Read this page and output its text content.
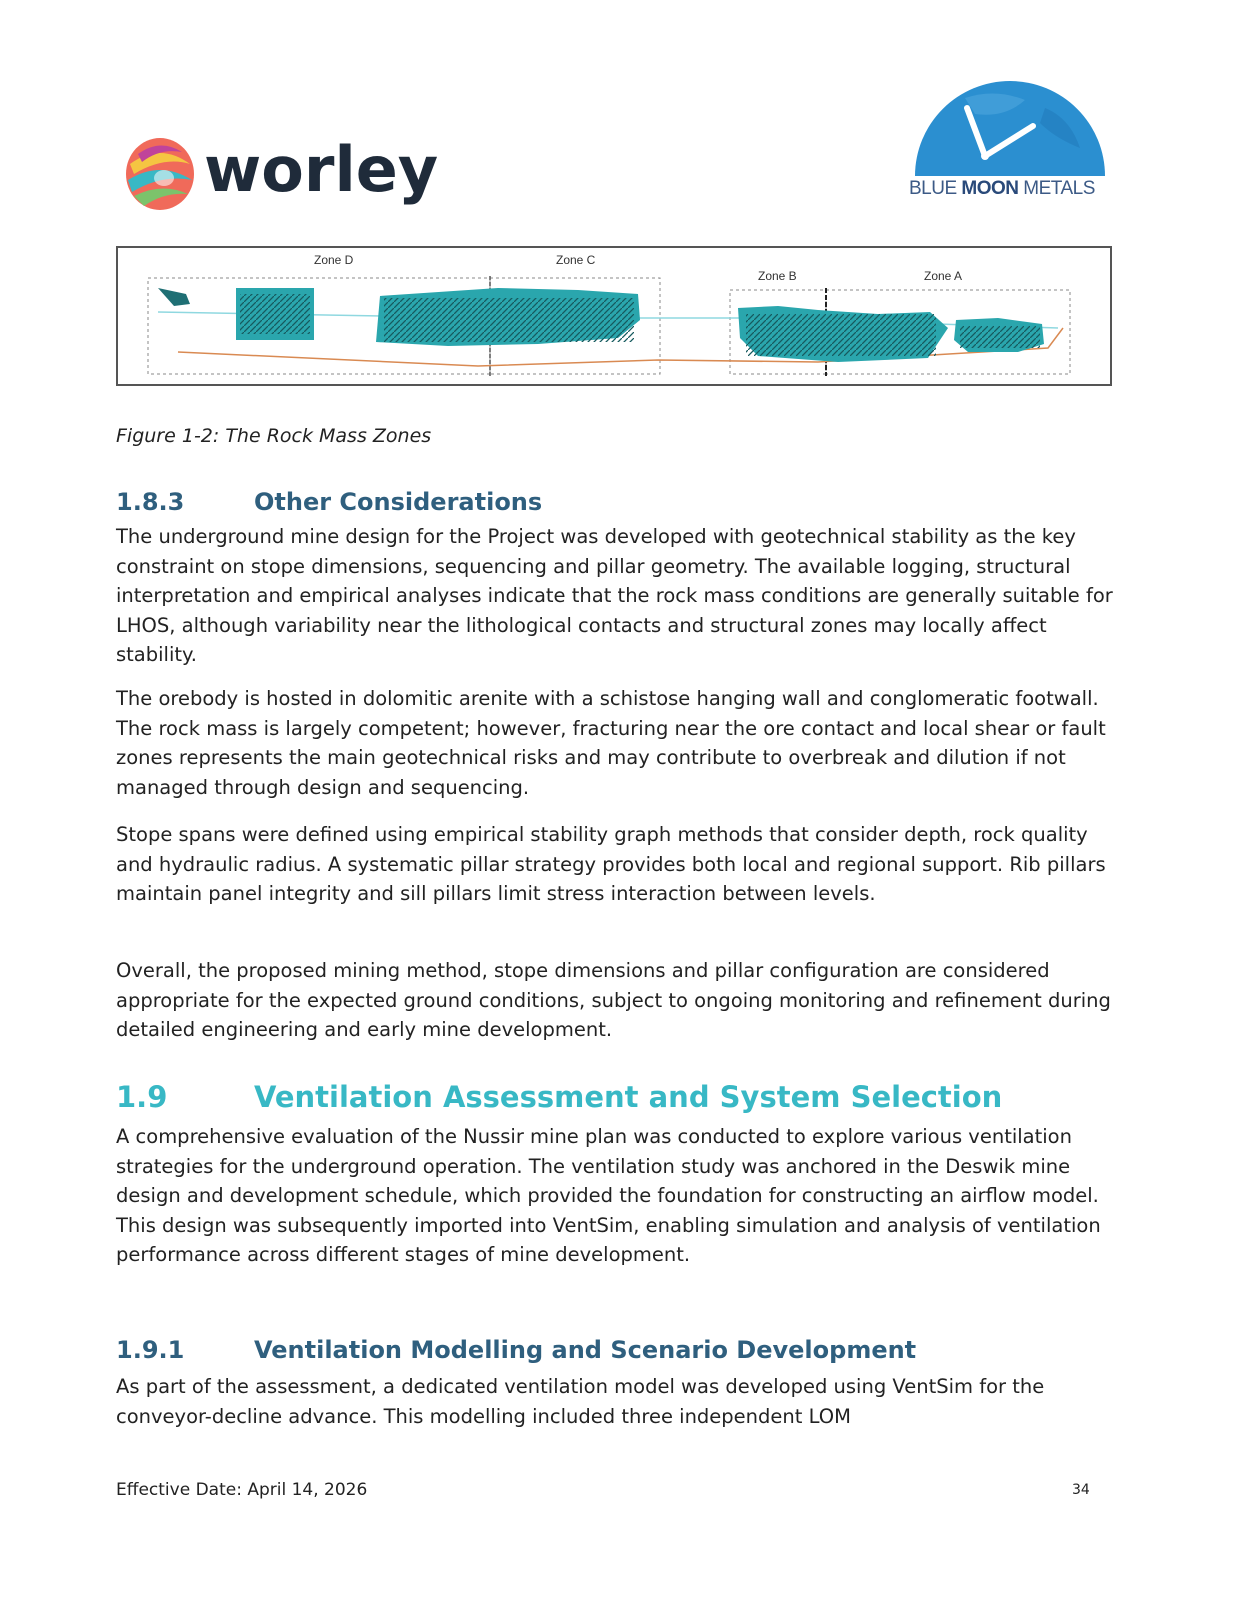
worley	BLUE MOON METALS
Zone D	Zone C
Zone B	Zone A
Figure 1-2: The Rock Mass Zones
1.8.3	Other Considerations
The underground mine design for the Project was developed with geotechnical stability as the key constraint on stope dimensions, sequencing and pillar geometry. The available logging, structural interpretation and empirical analyses indicate that the rock mass conditions are generally suitable for LHOS, although variability near the lithological contacts and structural zones may locally affect stability.
The orebody is hosted in dolomitic arenite with a schistose hanging wall and conglomeratic footwall. The rock mass is largely competent; however, fracturing near the ore contact and local shear or fault zones represents the main geotechnical risks and may contribute to overbreak and dilution if not managed through design and sequencing.
Stope spans were defined using empirical stability graph methods that consider depth, rock quality and hydraulic radius. A systematic pillar strategy provides both local and regional support. Rib pillars maintain panel integrity and sill pillars limit stress interaction between levels.
Overall, the proposed mining method, stope dimensions and pillar configuration are considered appropriate for the expected ground conditions, subject to ongoing monitoring and refinement during detailed engineering and early mine development.
1.9	Ventilation Assessment and System Selection
A comprehensive evaluation of the Nussir mine plan was conducted to explore various ventilation strategies for the underground operation. The ventilation study was anchored in the Deswik mine design and development schedule, which provided the foundation for constructing an airflow model. This design was subsequently imported into VentSim, enabling simulation and analysis of ventilation performance across different stages of mine development.
1.9.1	Ventilation Modelling and Scenario Development
As part of the assessment, a dedicated ventilation model was developed using VentSim for the conveyor-decline advance. This modelling included three independent LOM
Effective Date: April 14, 2026	34
